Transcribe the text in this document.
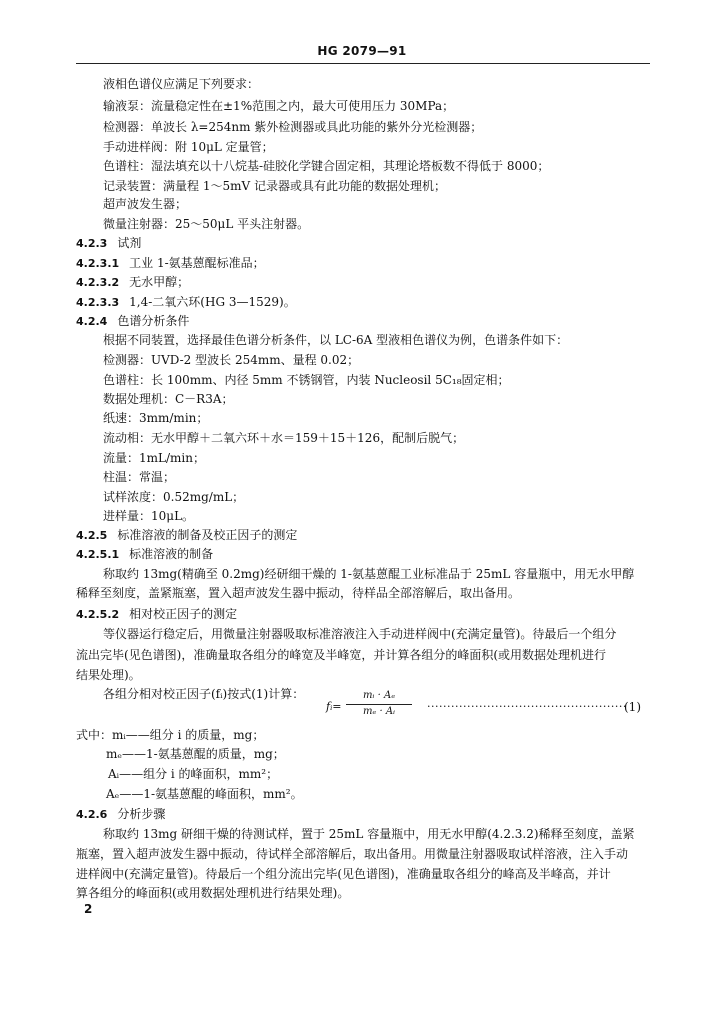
HG 2079—91
液相色谱仪应满足下列要求：
输液泵：流量稳定性在±1%范围之内，最大可使用压力 30MPa；
检测器：单波长 λ=254nm 紫外检测器或具此功能的紫外分光检测器；
手动进样阀：附 10μL 定量管；
色谱柱：湿法填充以十八烷基-硅胶化学键合固定相，其理论塔板数不得低于 8000；
记录装置：满量程 1～5mV 记录器或具有此功能的数据处理机；
超声波发生器；
微量注射器：25～50μL 平头注射器。
4.2.3 试剂
4.2.3.1 工业 1-氨基蒽醌标准品；
4.2.3.2 无水甲醇；
4.2.3.3 1,4-二氧六环(HG 3—1529)。
4.2.4 色谱分析条件
根据不同装置，选择最佳色谱分析条件，以 LC-6A 型液相色谱仪为例，色谱条件如下：
检测器：UVD-2 型波长 254mm、量程 0.02；
色谱柱：长 100mm、内径 5mm 不锈钢管，内装 Nucleosil 5C₁₈固定相；
数据处理机：C－R3A；
纸速：3mm/min；
流动相：无水甲醇＋二氧六环＋水＝159＋15＋126，配制后脱气；
流量：1mL/min；
柱温：常温；
试样浓度：0.52mg/mL；
进样量：10μL。
4.2.5 标准溶液的制备及校正因子的测定
4.2.5.1 标准溶液的制备
称取约 13mg(精确至 0.2mg)经研细干燥的 1-氨基蒽醌工业标准品于 25mL 容量瓶中，用无水甲醇
稀释至刻度，盖紧瓶塞，置入超声波发生器中振动，待样品全部溶解后，取出备用。
4.2.5.2 相对校正因子的测定
等仪器运行稳定后，用微量注射器吸取标准溶液注入手动进样阀中(充满定量管)。待最后一个组分
流出完毕(见色谱图)，准确量取各组分的峰宽及半峰宽，并计算各组分的峰面积(或用数据处理机进行
结果处理)。
各组分相对校正因子(fᵢ)按式(1)计算：
fᵢ=
mᵢ · Aₑ
mₑ · Aᵢ	··················································
(1)
式中：mᵢ——组分 i 的质量，mg；
mₑ——1-氨基蒽醌的质量，mg；
Aᵢ——组分 i 的峰面积，mm²；
Aₑ——1-氨基蒽醌的峰面积，mm²。
4.2.6 分析步骤
称取约 13mg 研细干燥的待测试样，置于 25mL 容量瓶中，用无水甲醇(4.2.3.2)稀释至刻度，盖紧
瓶塞，置入超声波发生器中振动，待试样全部溶解后，取出备用。用微量注射器吸取试样溶液，注入手动
进样阀中(充满定量管)。待最后一个组分流出完毕(见色谱图)，准确量取各组分的峰高及半峰高，并计
算各组分的峰面积(或用数据处理机进行结果处理)。
2
